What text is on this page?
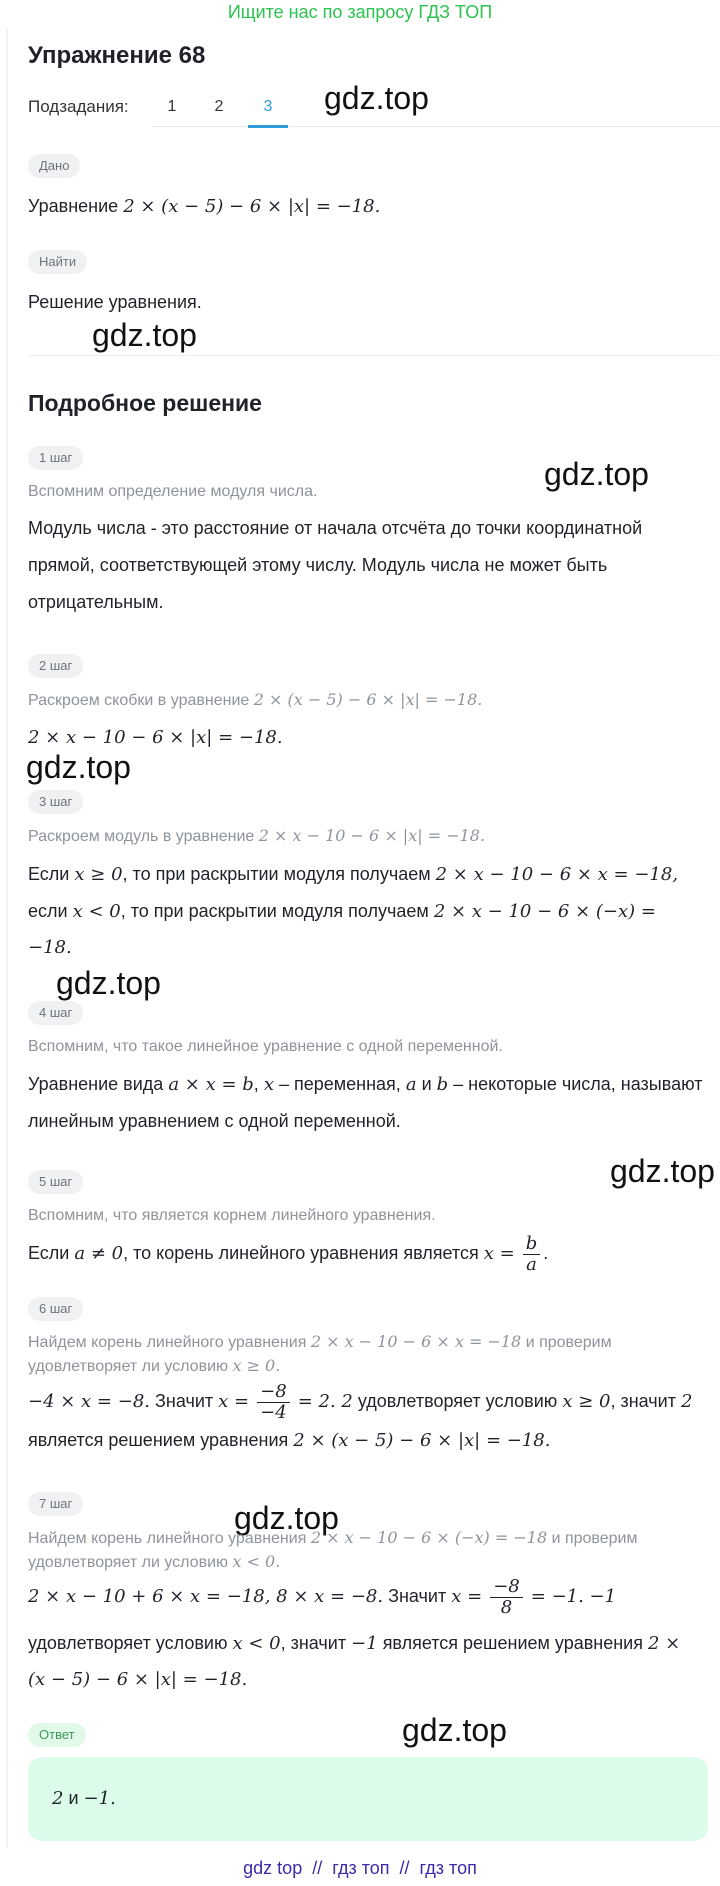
Ищите нас по запросу ГДЗ ТОП
Упражнение 68
Подзадания:	1	2	3	gdz.top
gdz.top
gdz.top
gdz.top
gdz.top
gdz.top
gdz.top
gdz.top
Дано
Уравнение 2 × (x − 5) − 6 × |x| = −18.
Найти
Решение уравнения.
Подробное решение
1 шаг
Вспомним определение модуля числа.
Модуль числа - это расстояние от начала отсчёта до точки координатной
прямой, соответствующей этому числу. Модуль числа не может быть
отрицательным.
2 шаг
Раскроем скобки в уравнение 2 × (x − 5) − 6 × |x| = −18.
2 × x − 10 − 6 × |x| = −18.
3 шаг
Раскроем модуль в уравнение 2 × x − 10 − 6 × |x| = −18.
Если x ≥ 0, то при раскрытии модуля получаем 2 × x − 10 − 6 × x = −18,
если x < 0, то при раскрытии модуля получаем 2 × x − 10 − 6 × (−x) =
−18.
4 шаг
Вспомним, что такое линейное уравнение с одной переменной.
Уравнение вида a × x = b, x – переменная, a и b – некоторые числа, называют
линейным уравнением с одной переменной.
5 шаг
Вспомним, что является корнем линейного уравнения.
Если a ≠ 0, то корень линейного уравнения является $x = \frac{b}{a}$ .
6 шаг
Найдем корень линейного уравнения 2 × x − 10 − 6 × x = −18 и проверим
удовлетворяет ли условию x ≥ 0.
−4 × x = −8. Значит $x = \frac{-8}{-4} = 2$. 2 удовлетворяет условию x ≥ 0, значит 2
является решением уравнения 2 × (x − 5) − 6 × |x| = −18.
7 шаг
Найдем корень линейного уравнения 2 × x − 10 − 6 × (−x) = −18 и проверим
удовлетворяет ли условию x < 0.
2 × x − 10 + 6 × x = −18, 8 × x = −8. Значит $x = \frac{-8}{8} = -1$. −1
удовлетворяет условию x < 0, значит −1 является решением уравнения 2 ×
(x − 5) − 6 × |x| = −18.
Ответ
2 и −1.
gdz top  //  гдз топ  //  гдз топ
